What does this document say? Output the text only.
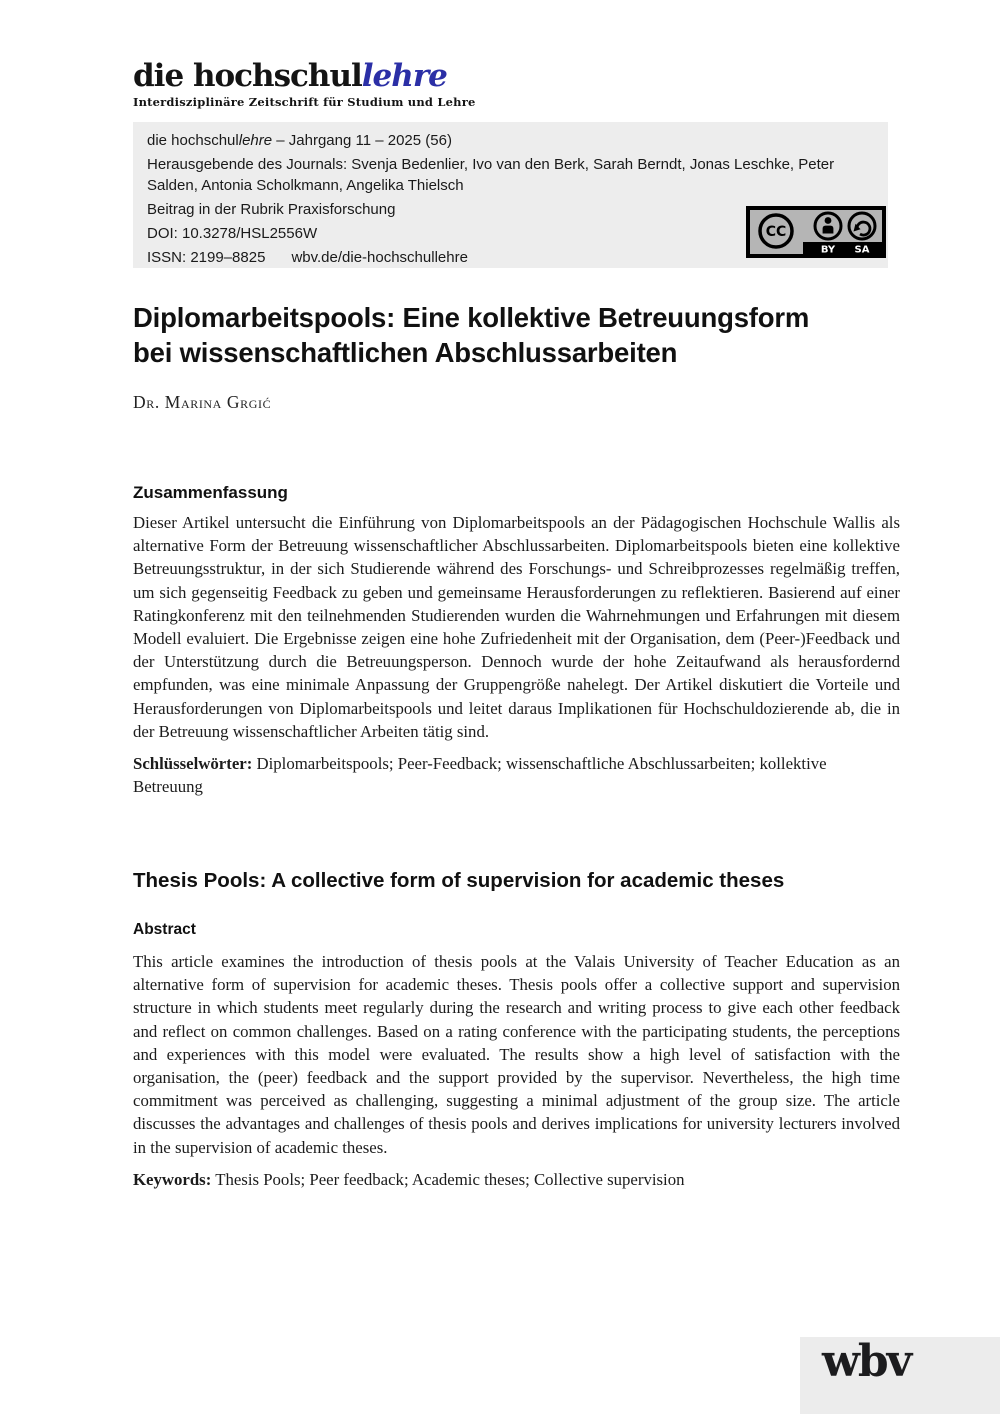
die hochschullehre
Interdisziplinäre Zeitschrift für Studium und Lehre

die hochschullehre – Jahrgang 11 – 2025 (56)

Herausgebende des Journals: Svenja Bedenlier, Ivo van den Berk, Sarah Berndt, Jonas Leschke, Peter Salden, Antonia Scholkmann, Angelika Thielsch

Beitrag in der Rubrik Praxisforschung

DOI: 10.3278/HSL2556W

ISSN: 2199–8825 wbv.de/die-hochschullehre

CC
BY SA
Diplomarbeitspools: Eine kollektive Betreuungsform
bei wissenschaftlichen Abschlussarbeiten
Dr. Marina Grgić
Zusammenfassung

Dieser Artikel untersucht die Einführung von Diplomarbeitspools an der Pädagogischen Hochschule Wallis als alternative Form der Betreuung wissenschaftlicher Abschlussarbeiten. Diplomarbeitspools bieten eine kollektive Betreuungsstruktur, in der sich Studierende während des Forschungs- und Schreibprozesses regelmäßig treffen, um sich gegenseitig Feedback zu geben und gemeinsame Herausforderungen zu reflektieren. Basierend auf einer Ratingkonferenz mit den teilnehmenden Studierenden wurden die Wahrnehmungen und Erfahrungen mit diesem Modell evaluiert. Die Ergebnisse zeigen eine hohe Zufriedenheit mit der Organisation, dem (Peer-)Feedback und der Unterstützung durch die Betreuungsperson. Dennoch wurde der hohe Zeitaufwand als herausfordernd empfunden, was eine minimale Anpassung der Gruppengröße nahelegt. Der Artikel diskutiert die Vorteile und Herausforderungen von Diplomarbeitspools und leitet daraus Implikationen für Hochschuldozierende ab, die in der Betreuung wissenschaftlicher Arbeiten tätig sind.

Schlüsselwörter: Diplomarbeitspools; Peer-Feedback; wissenschaftliche Abschlussarbeiten; kollektive Betreuung

Thesis Pools: A collective form of supervision for academic theses
Abstract

This article examines the introduction of thesis pools at the Valais University of Teacher Education as an alternative form of supervision for academic theses. Thesis pools offer a collective support and supervision structure in which students meet regularly during the research and writing process to give each other feedback and reflect on common challenges. Based on a rating conference with the participating students, the perceptions and experiences with this model were evaluated. The results show a high level of satisfaction with the organisation, the (peer) feedback and the support provided by the supervisor. Nevertheless, the high time commitment was perceived as challenging, suggesting a minimal adjustment of the group size. The article discusses the advantages and challenges of thesis pools and derives implications for university lecturers involved in the supervision of academic theses.

Keywords: Thesis Pools; Peer feedback; Academic theses; Collective supervision

wbv
